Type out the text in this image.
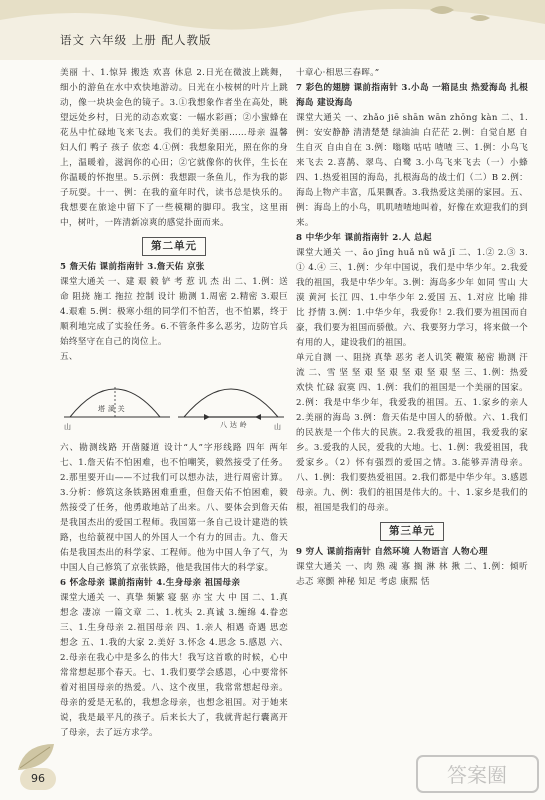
语文 六年级 上册 配人教版

美丽 十、1.惊异 搬迭 欢喜 休息 2.日光在微波上跳舞，细小的游鱼在水中欢快地游动。日光在小桉树的叶片上跳动，像一块块金色的镜子。3.①我想象作者坐在高处，眺望远处乡村，日光的动态欢宴：一幅水彩画；②小蜜蜂在花丛中忙碌地飞来飞去。我们的美好美丽……母亲 温馨 妇人们 鸭子 孩子 依恋 4.①例：我想象阳光，照在你的身上，温暖着，滋润你的心田；②它就像你的伙伴，生长在你温暖的怀抱里。5.示例：我想跟一条鱼儿，作为我的影子玩耍。十一、例：在我的童年时代，读书总是快乐的。我想要在旅途中留下了一些模糊的脚印。我宝，这里雨中，树叶，一阵清新凉爽的感觉扑面而来。

第二单元

5 詹天佑 课前指南针 3.詹天佑 京张

课堂大通关 一、建 艰 毅 铲 考 惹 讥 杰 出 二、1.例：送命 阻挠 施工 拖拉 控制 设计 勘测 1.周密 2.精密 3.艰巨 4.艰难 5.例：极寒小组的同学们不怕苦，也不怕累，终于顺利地完成了实验任务。6.不管条件多么恶劣，边防官兵始终坚守在自己的岗位上。

五、

塔 溪 关
山	八 达 岭	山

六、勘测线路 开凿隧道 设计“人”字形线路 四年 两年 七、1.詹天佑不怕困难，也不怕嘲笑，毅然接受了任务。2.那里要开山——不过我们可以想办法，进行周密计算。3.分析：修筑这条铁路困难重重，但詹天佑不怕困难，毅然接受了任务，他勇敢地站了出来。八、要体会到詹天佑是我国杰出的爱国工程师。我国第一条自己设计建造的铁路，也给藐视中国人的外国人一个有力的回击。九、詹天佑是我国杰出的科学家、工程师。他为中国人争了气，为中国人自己修筑了京张铁路，他是我国伟大的科学家。

6 怀念母亲 课前指南针 4.生身母亲 祖国母亲

课堂大通关 一、真挚 频繁 寝 驱 亦 宝 大 中 国 二、1.真 想念 凄凉 一篇文章 二、1.枕头 2.真诚 3.缠绵 4.眷恋 三、1.生身母亲 2.祖国母亲 四、1.亲人 相遇 奇遇 思恋 想念 五、1.我的大家 2.美好 3.怀念 4.思念 5.感恩 六、2.母亲在我心中是多么的伟大！我写这首歌的时候，心中常常想起那个春天。七、1.我们要学会感恩，心中要常怀着对祖国母亲的热爱。八、这个夜里，我常常想起母亲。母亲的爱是无私的，我想念母亲，也想念祖国。对于她来说，我是最平凡的孩子。后来长大了，我就背起行囊离开了母亲，去了远方求学。

十章心·相思三春晖。”

7 彩色的翅膀 课前指南针 3.小岛 一箱昆虫 热爱海岛 扎根海岛 建设海岛

课堂大通关 一、zhǎo jiē shān wān zhōng kàn 二、1.例：安安静静 清清楚楚 绿油油 白茫茫 2.例：自觉自愿 自生自灭 自由自在 3.例：嗡嗡 咕咕 喳喳 三、1.例：小鸟飞来飞去 2.喜鹊、翠鸟、白鹭 3.小鸟飞来飞去（一）小蜂 四、1.热爱祖国的海岛，扎根海岛的战士们（二）B 2.例：海岛上物产丰富，瓜果飘香。3.我热爱这美丽的家园。五、例：海岛上的小鸟，叽叽喳喳地叫着，好像在欢迎我们的到来。

8 中华少年 课前指南针 2.人 总起

课堂大通关 一、āo jīng huǎ nǔ wǎ jī 二、1.② 2.③ 3.① 4.④ 三、1.例：少年中国说，我们是中华少年。2.我爱我的祖国，我是中华少年。3.例：海岛多少年 如同 雪山 大漠 黄河 长江 四、1.中华少年 2.爱国 五、1.对应 比喻 排比 抒情 3.例：1.中华少年，我爱你！2.我们要为祖国而自豪，我们要为祖国而骄傲。六、我要努力学习，将来做一个有用的人，建设我们的祖国。

单元自测 一、阻挠 真挚 恶劣 老人讥笑 鞭策 秘密 勘测 汗流 二、雪 坚 坚 艰 坚 艰 坚 艰 坚 艰 坚 三、1.例：热爱 欢快 忙碌 寂寞 四、1.例：我们的祖国是一个美丽的国家。2.例：我是中华少年，我爱我的祖国。五、1.家乡的亲人 2.美丽的海岛 3.例：詹天佑是中国人的骄傲。六、1.我们的民族是一个伟大的民族。2.我爱我的祖国，我爱我的家乡。3.爱我的人民，爱我的大地。七、1.例：我爱祖国，我爱家乡。（2）怀有强烈的爱国之情。3.能够弄清母亲。八、1.例：我们要热爱祖国。2.我们都是中华少年。3.感恩母亲。九、例：我们的祖国是伟大的。十、1.家乡是我们的根，祖国是我们的母亲。

第三单元

9 穷人 课前指南针 自然环境 人物语言 人物心理

课堂大通关 一、肉 熟 魂 寡 搁 淋 林 揪 二、1.例：倾听 忐忑 寒颤 神秘 知足 考虑 康熙 恬

96	答案圈
